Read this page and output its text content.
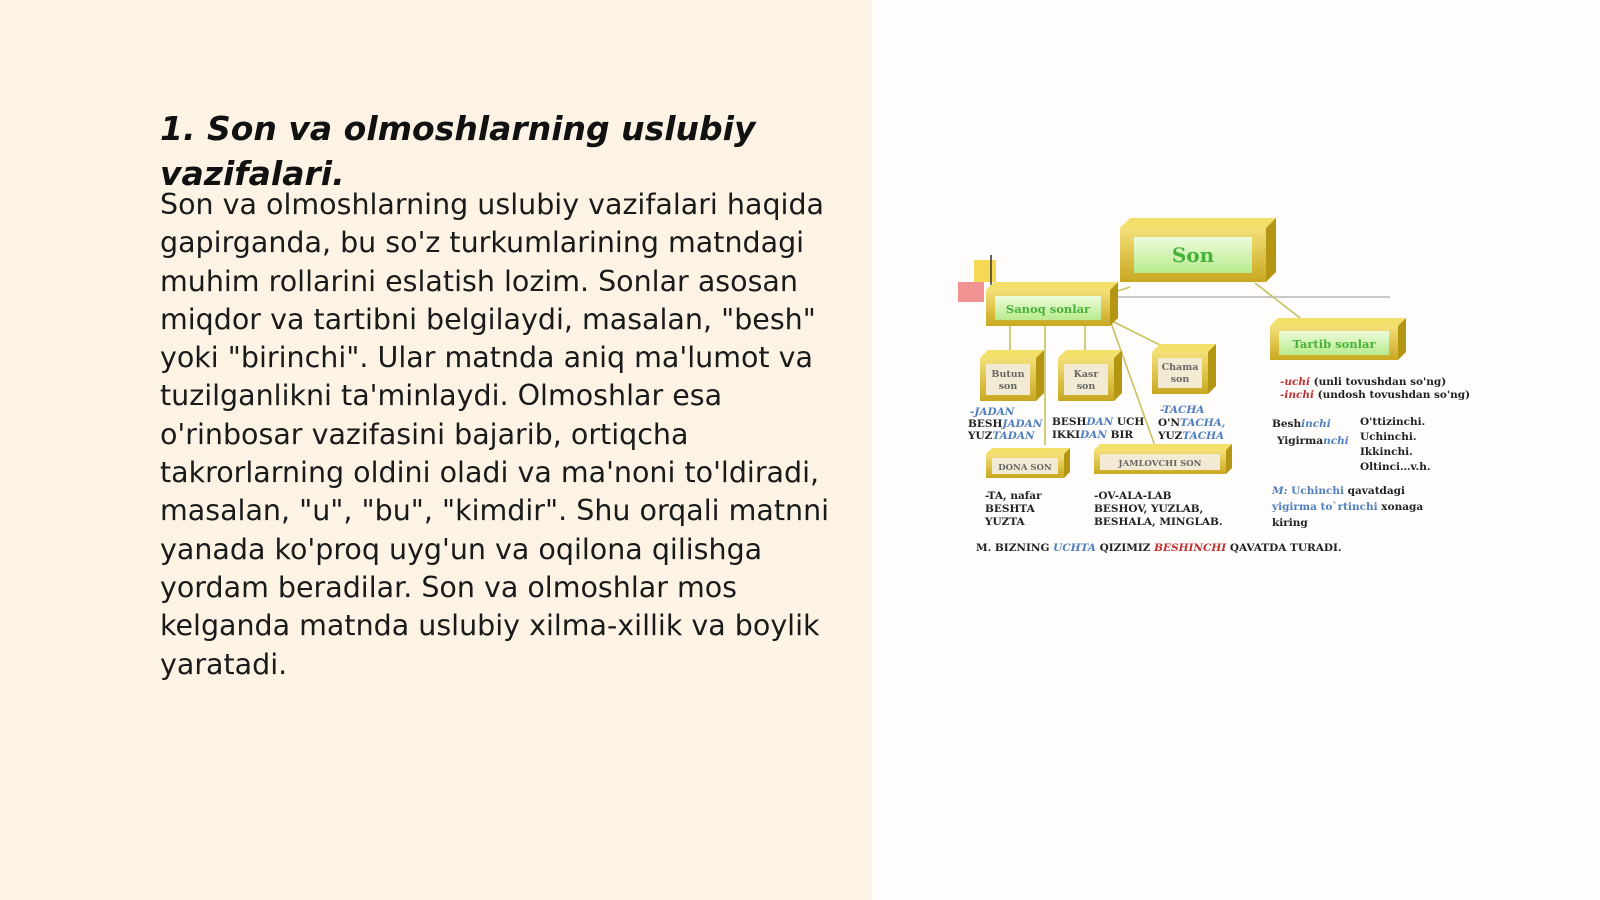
1. Son va olmoshlarning uslubiy vazifalari.

Son va olmoshlarning uslubiy vazifalari haqida gapirganda, bu so'z turkumlarining matndagi muhim rollarini eslatish lozim. Sonlar asosan miqdor va tartibni belgilaydi, masalan, "besh" yoki "birinchi". Ular matnda aniq ma'lumot va tuzilganlikni ta'minlaydi. Olmoshlar esa o'rinbosar vazifasini bajarib, ortiqcha takrorlarning oldini oladi va ma'noni to'ldiradi, masalan, "u", "bu", "kimdir". Shu orqali matnni yanada ko'proq uyg'un va oqilona qilishga yordam beradilar. Son va olmoshlar mos kelganda matnda uslubiy xilma-xillik va boylik yaratadi.

Son
Sanoq sonlar
Tartib sonlar
Butun
son
Kasr
son
Chama
son
DONA SON	JAMLOVCHI SON
-JADAN
BESHJADAN
YUZTADAN
BESHDAN UCH
IKKIDAN BIR
-TACHA
O'NTACHA,
YUZTACHA
-uchi (unli tovushdan so'ng)
-inchi (undosh tovushdan so'ng)
Beshinchi
Yigirmanchi
O'ttizinchi.
Uchinchi.
Ikkinchi.
Oltinci…v.h.
-TA, nafar
BESHTA
YUZTA
-OV-ALA-LAB
BESHOV, YUZLAB,
BESHALA, MINGLAB.
M: Uchinchi qavatdagi
yigirma to`rtinchi xonaga
kiring
M. BIZNING UCHTA QIZIMIZ BESHINCHI QAVATDA TURADI.
